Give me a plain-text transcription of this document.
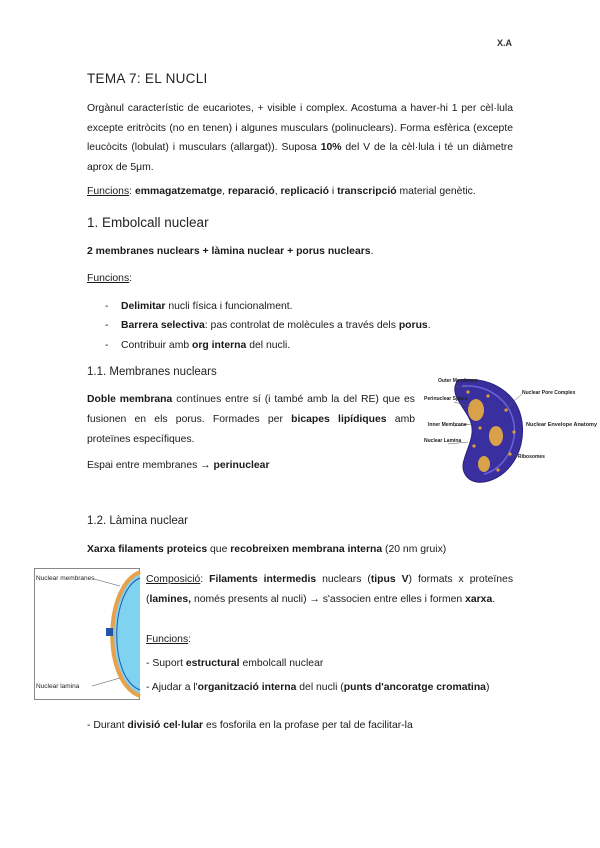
X.A
TEMA 7: EL NUCLI
Orgànul característic de eucariotes, + visible i complex. Acostuma a haver-hi 1 per cèl·lula excepte eritròcits (no en tenen) i algunes musculars (polinuclears). Forma esfèrica (excepte leucòcits (lobulat) i musculars (allargat)). Suposa 10% del V de la cèl·lula i té un diàmetre aprox de 5μm.
Funcions: emmagatzematge, reparació, replicació i transcripció material genètic.
1. Embolcall nuclear
2 membranes nuclears + làmina nuclear + porus nuclears.
Funcions:
- Delimitar nucli física i funcionalment.
- Barrera selectiva: pas controlat de molècules a través dels porus.
- Contribuir amb org interna del nucli.
1.1. Membranes nuclears
Doble membrana contínues entre sí (i també amb la del RE) que es fusionen en els porus. Formades per bicapes lipídiques amb proteïnes específiques.
Espai entre membranes → perinuclear
Outer Membrane
Perinuclear Space
Inner Membrane
Nuclear Lamina
Nuclear Pore Complex
Nuclear Envelope Anatomy
Ribosomes
1.2. Làmina nuclear
Xarxa filaments proteics que recobreixen membrana interna (20 nm gruix)
Nuclear membranes
Nuclear lamina
Composició: Filaments intermedis nuclears (tipus V) formats x proteïnes (lamines, només presents al nucli) → s'associen entre elles i formen xarxa.
Funcions:
- Suport estructural embolcall nuclear
- Ajudar a l'organització interna del nucli (punts d'ancoratge cromatina)
- Durant divisió cel·lular es fosforila en la profase per tal de facilitar-la
